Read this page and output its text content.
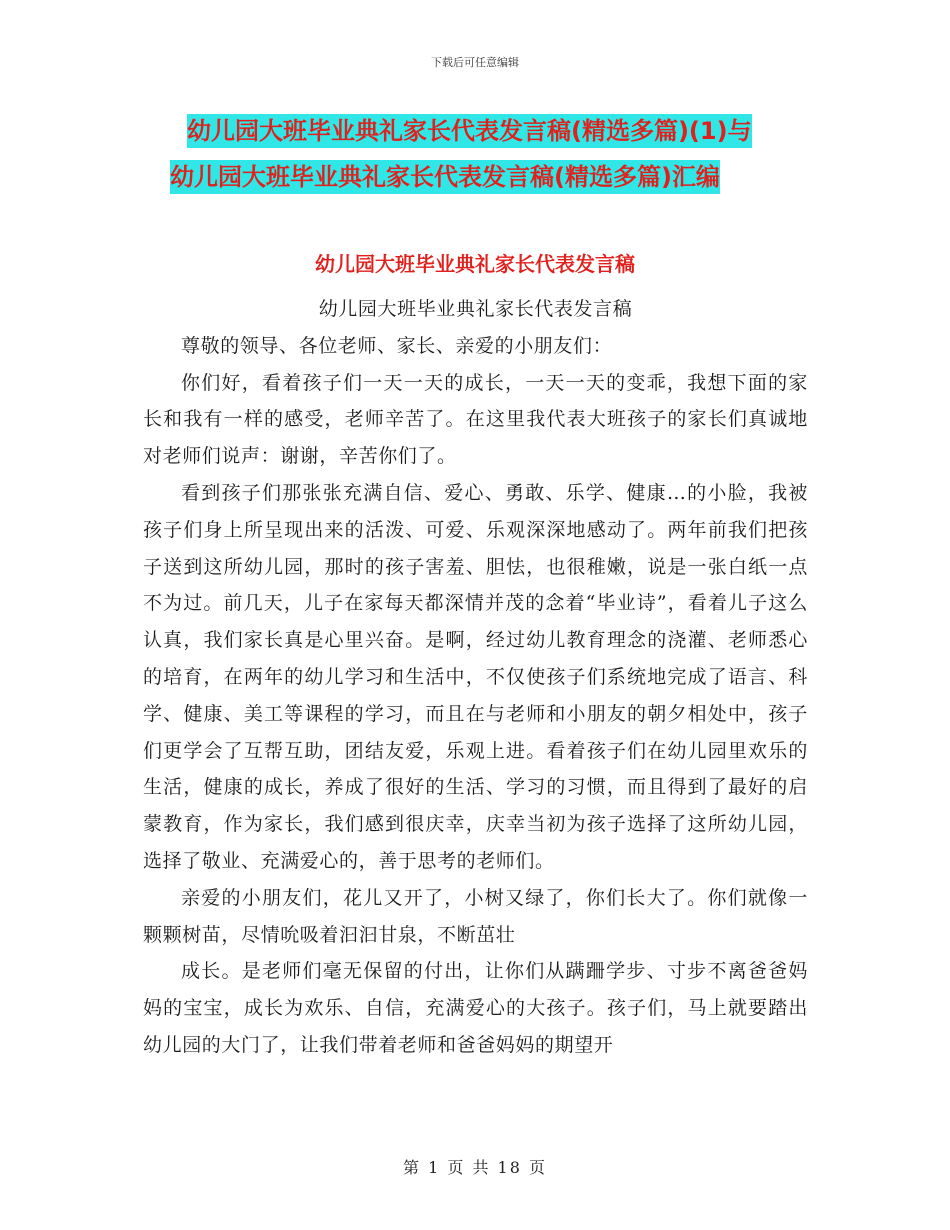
下载后可任意编辑
幼儿园大班毕业典礼家长代表发言稿(精选多篇)(1)与
幼儿园大班毕业典礼家长代表发言稿(精选多篇)汇编
幼儿园大班毕业典礼家长代表发言稿

幼儿园大班毕业典礼家长代表发言稿

尊敬的领导、各位老师、家长、亲爱的小朋友们：

你们好，看着孩子们一天一天的成长，一天一天的变乖，我想下面的家长和我有一样的感受，老师辛苦了。在这里我代表大班孩子的家长们真诚地对老师们说声：谢谢，辛苦你们了。

看到孩子们那张张充满自信、爱心、勇敢、乐学、健康…的小脸，我被孩子们身上所呈现出来的活泼、可爱、乐观深深地感动了。两年前我们把孩子送到这所幼儿园，那时的孩子害羞、胆怯，也很稚嫩，说是一张白纸一点不为过。前几天，儿子在家每天都深情并茂的念着“毕业诗”，看着儿子这么认真，我们家长真是心里兴奋。是啊，经过幼儿教育理念的浇灌、老师悉心的培育，在两年的幼儿学习和生活中，不仅使孩子们系统地完成了语言、科学、健康、美工等课程的学习，而且在与老师和小朋友的朝夕相处中，孩子们更学会了互帮互助，团结友爱，乐观上进。看着孩子们在幼儿园里欢乐的生活，健康的成长，养成了很好的生活、学习的习惯，而且得到了最好的启蒙教育，作为家长，我们感到很庆幸，庆幸当初为孩子选择了这所幼儿园，选择了敬业、充满爱心的，善于思考的老师们。

亲爱的小朋友们，花儿又开了，小树又绿了，你们长大了。你们就像一颗颗树苗，尽情吮吸着汩汩甘泉，不断茁壮

成长。是老师们毫无保留的付出，让你们从蹒跚学步、寸步不离爸爸妈妈的宝宝，成长为欢乐、自信，充满爱心的大孩子。孩子们，马上就要踏出幼儿园的大门了，让我们带着老师和爸爸妈妈的期望开

第 1 页 共 18 页
